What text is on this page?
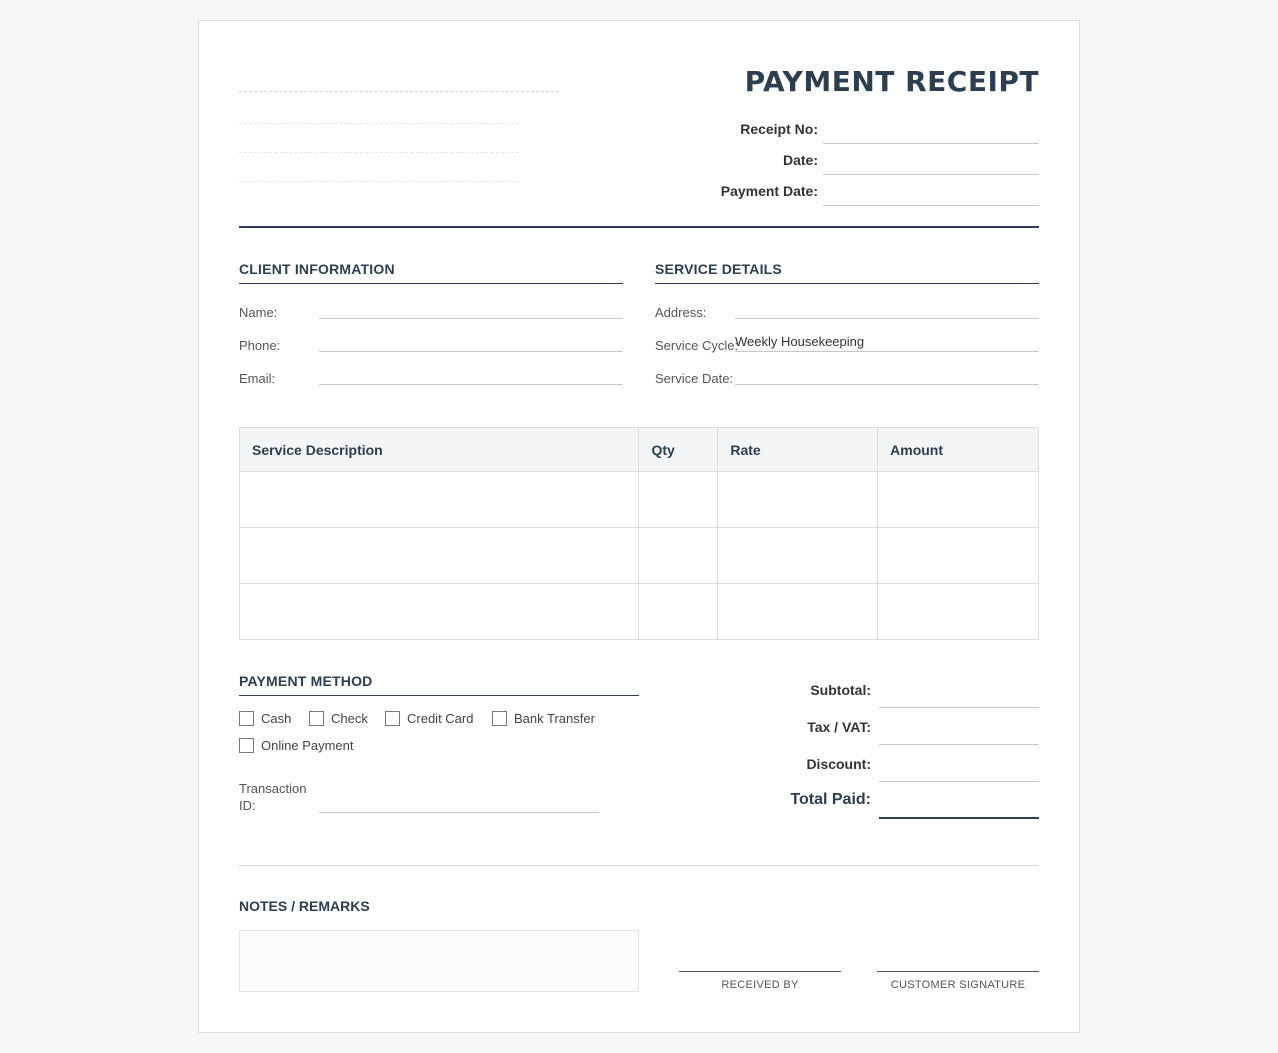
PAYMENT RECEIPT
Receipt No:
Date:
Payment Date:
CLIENT INFORMATION
Name:
Phone:
Email:
SERVICE DETAILS
Address:
Service Cycle:
Weekly Housekeeping
Service Date:
Service Description	Qty	Rate	Amount

PAYMENT METHOD
Cash	Check	Credit Card	Bank Transfer
Online Payment
Transaction
ID:
Subtotal:
Tax / VAT:
Discount:
Total Paid:
NOTES / REMARKS
RECEIVED BY	CUSTOMER SIGNATURE
